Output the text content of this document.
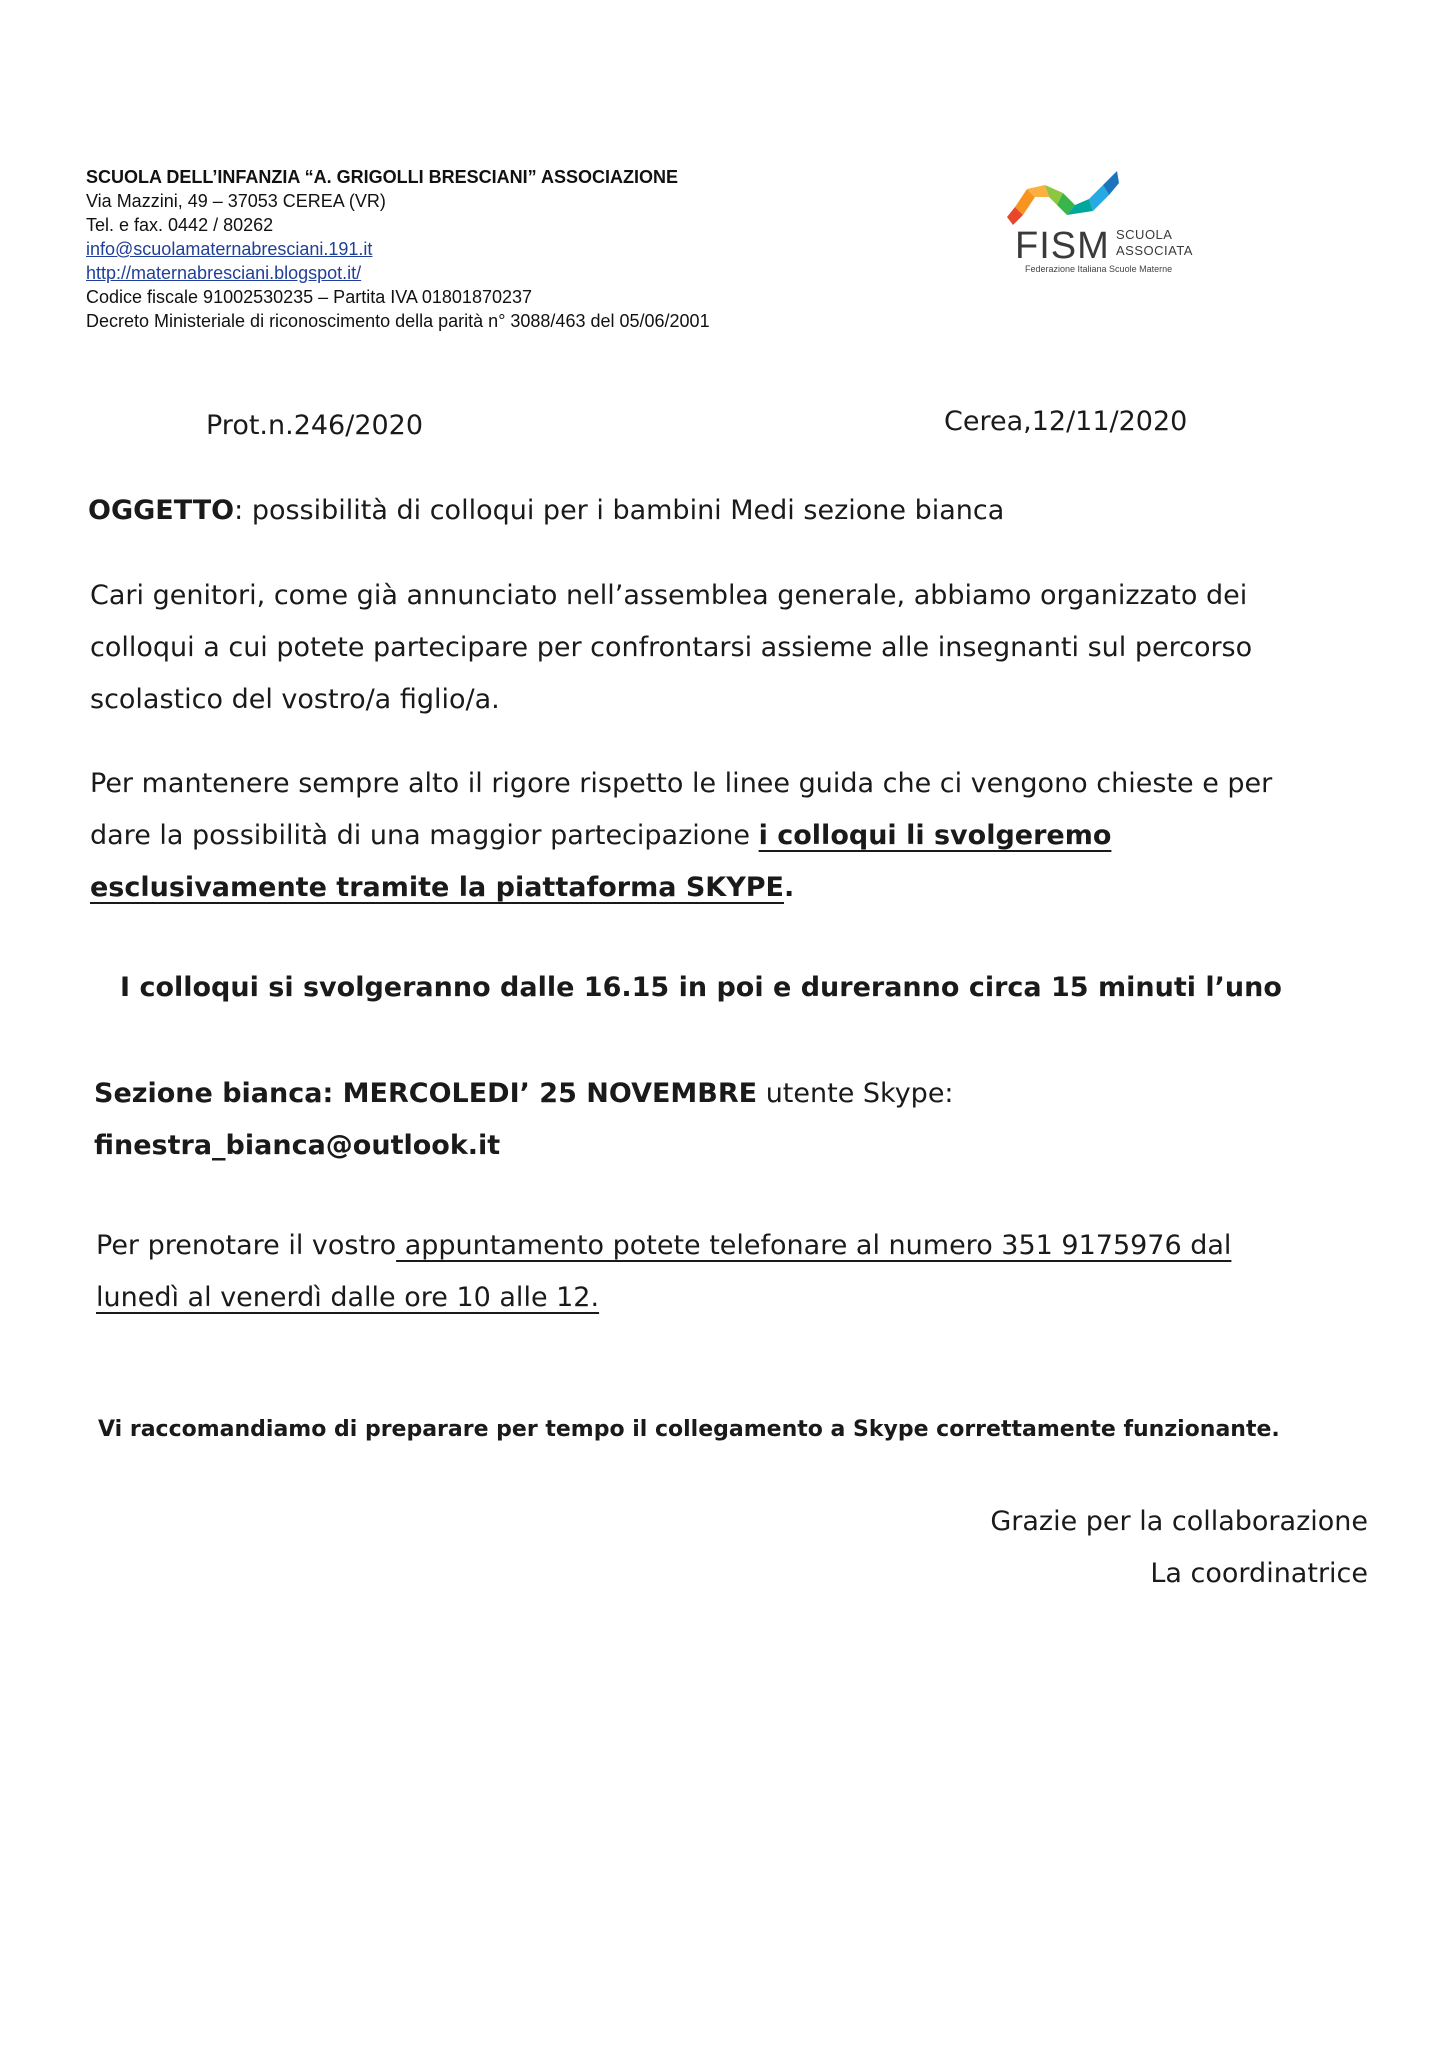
SCUOLA DELL’INFANZIA “A. GRIGOLLI BRESCIANI” ASSOCIAZIONE
Via Mazzini, 49 – 37053 CEREA (VR)
Tel. e fax. 0442 / 80262
info@scuolamaternabresciani.191.it
http://maternabresciani.blogspot.it/
Codice fiscale 91002530235 – Partita IVA 01801870237
Decreto Ministeriale di riconoscimento della parità n° 3088/463 del 05/06/2001
FISM SCUOLA
ASSOCIATA
Federazione Italiana Scuole Materne
Prot.n.246/2020	Cerea,12/11/2020
OGGETTO: possibilità di colloqui per i bambini Medi sezione bianca
Cari genitori, come già annunciato nell’assemblea generale, abbiamo organizzato dei
colloqui a cui potete partecipare per confrontarsi assieme alle insegnanti sul percorso
scolastico del vostro/a figlio/a.
Per mantenere sempre alto il rigore rispetto le linee guida che ci vengono chieste e per
dare la possibilità di una maggior partecipazione i colloqui li svolgeremo
esclusivamente tramite la piattaforma SKYPE.
I colloqui si svolgeranno dalle 16.15 in poi e dureranno circa 15 minuti l’uno
Sezione bianca: MERCOLEDI’ 25 NOVEMBRE utente Skype:
finestra_bianca@outlook.it
Per prenotare il vostro appuntamento potete telefonare al numero 351 9175976 dal
lunedì al venerdì dalle ore 10 alle 12.
Vi raccomandiamo di preparare per tempo il collegamento a Skype correttamente funzionante.
Grazie per la collaborazione
La coordinatrice
